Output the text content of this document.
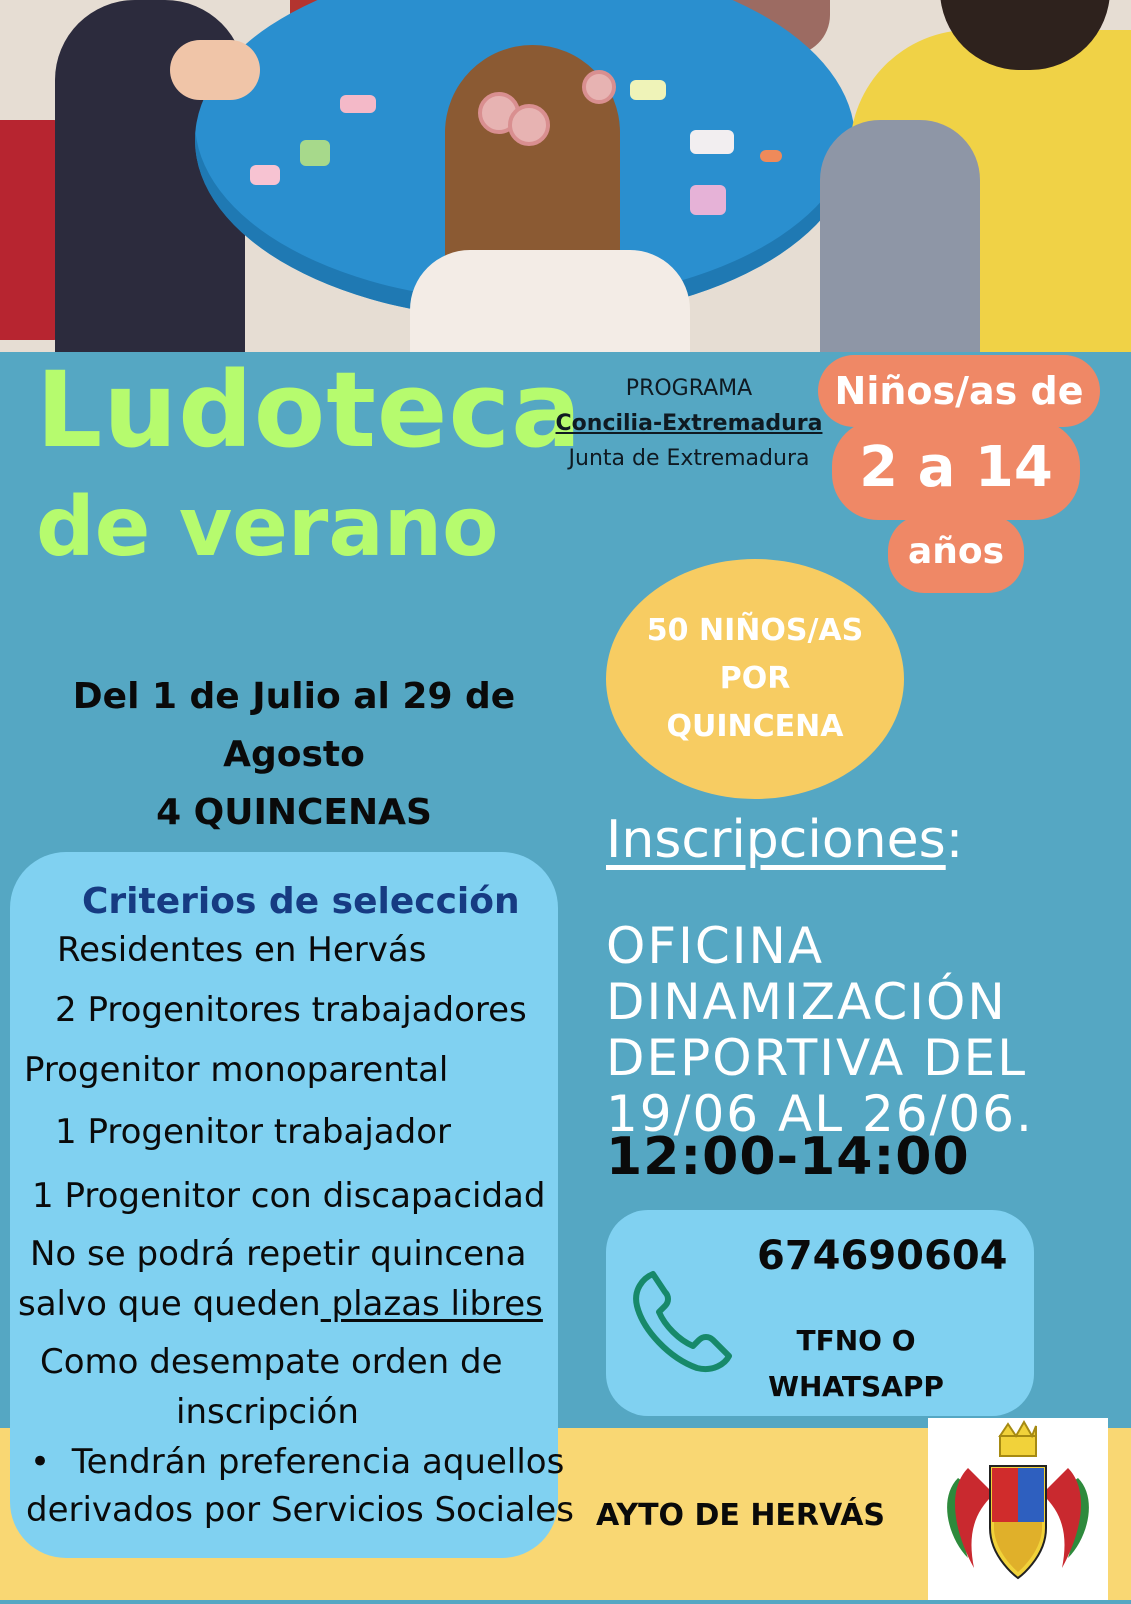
Ludoteca
de verano
PROGRAMA
Concilia-Extremadura
Junta de Extremadura
Niños/as de
2 a 14
años
50 NIÑOS/AS
POR
QUINCENA
Del 1 de Julio al 29 de Agosto
4 QUINCENAS	Inscripciones:
OFICINA
DINAMIZACIÓN
DEPORTIVA DEL
19/06 AL 26/06.
12:00-14:00
674690604
TFNO O
WHATSAPP
AYTO DE HERVÁS
Criterios de selección
Residentes en Hervás
2 Progenitores trabajadores
Progenitor monoparental
1 Progenitor trabajador
1 Progenitor con discapacidad
No se podrá repetir quincena
salvo que queden plazas libres
Como desempate orden de
inscripción
• Tendrán preferencia aquellos
derivados por Servicios Sociales
